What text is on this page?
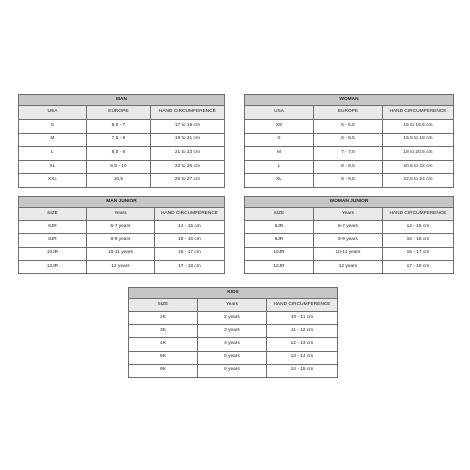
MAN		
USA	EUROPE	HAND CIRCUMFERENCE
S	6,5 - 7	17 to 19 cm
M	7,5 - 8	19 to 21 cm
L	8,5 - 9	21 to 23 cm
XL	9,5 - 10	23 to 25 cm
XXL	10,5	25 to 27 cm
WOMAN		
USA	EUROPE	HAND CIRCUMFERENCE
XS	5 - 5,5	15 to 16,5 cm
S	6 - 6,5	16,5 to 18 cm
M	7 - 7,5	18 to 20,5 cm
L	8 - 8,5	20,5 to 22 cm
XL	9 - 9,5	22,5 to 24 cm
MAN JUNIOR		
SIZE	Years	HAND CIRCUMFERENCE
6JR	6-7 years	14 - 15 cm
8JR	8-9 years	15 - 16 cm
10JR	10-11 years	16 - 17 cm
12JR	12 years	17 - 18 cm
WOMAN JUNIOR		
SIZE	Years	HAND CIRCUMFERENCE
6JR	6-7 years	14 - 15 cm
8JR	8-9 years	15 - 16 cm
10JR	10-11 years	16 - 17 cm
12JR	12 years	17 - 18 cm
KIDS		
SIZE	Years	HAND CIRCUMFERENCE
2K	2 years	10 - 11 cm
3K	3 years	11 - 12 cm
4K	4 years	12 - 13 cm
5K	5 years	13 - 14 cm
6K	6 years	14 - 15 cm
